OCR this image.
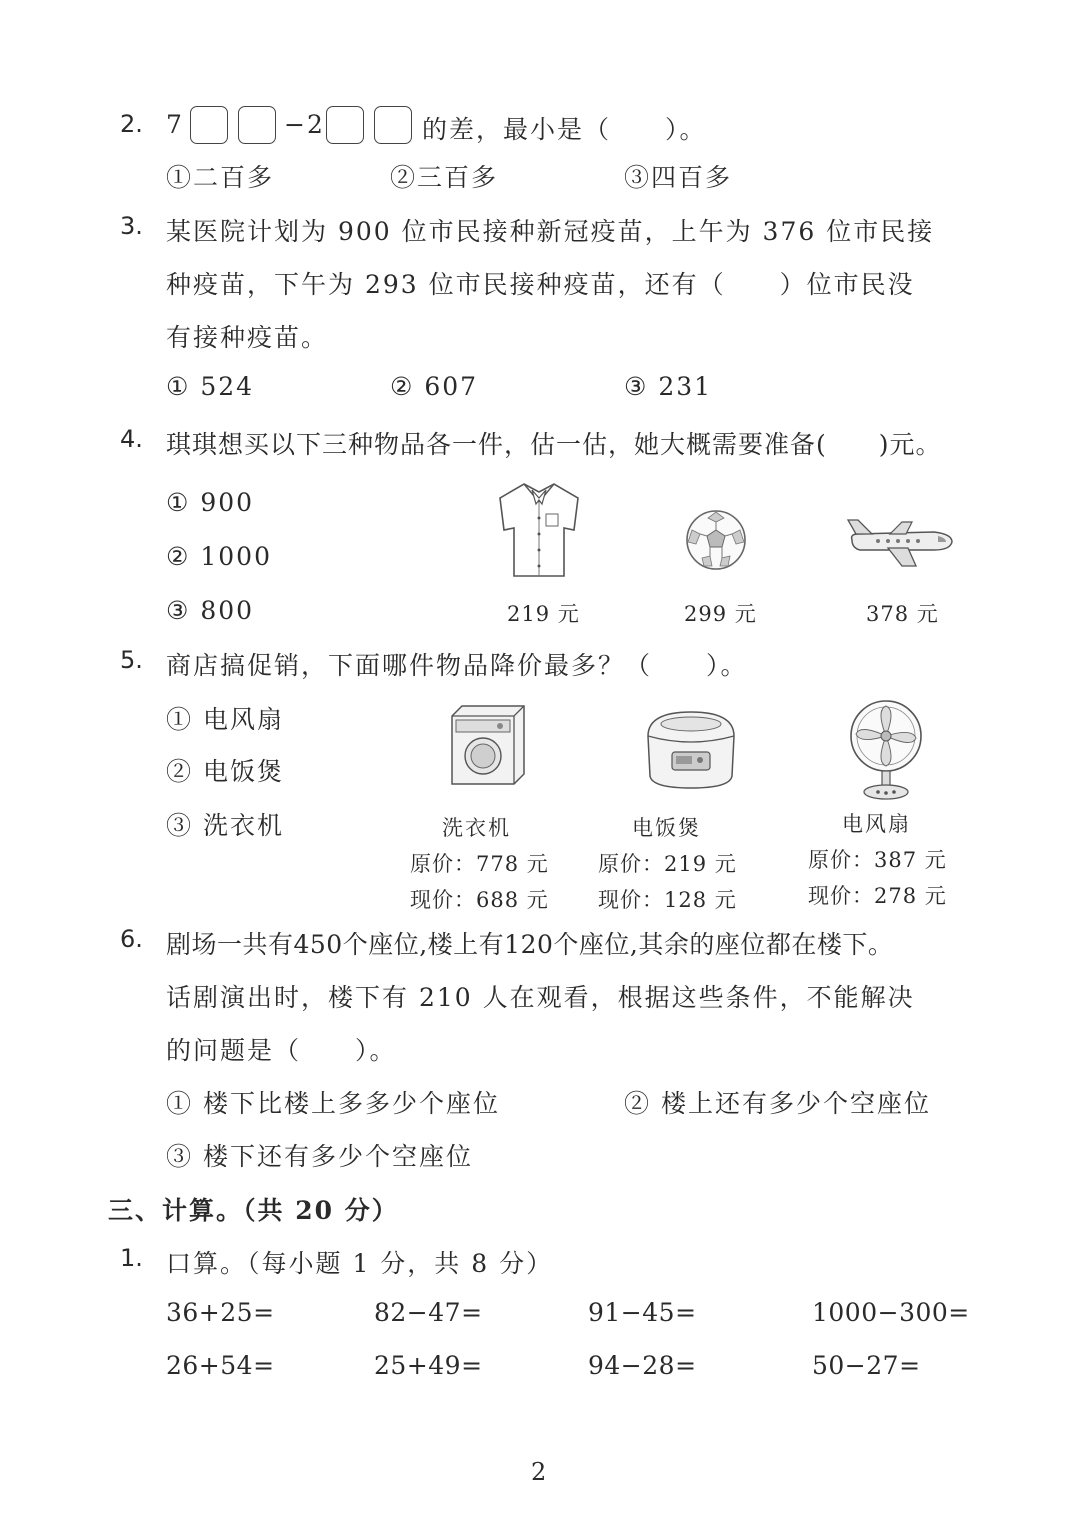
2. 7	−2	的差，最小是（　　）。
①二百多	②三百多	③四百多
3. 某医院计划为 900 位市民接种新冠疫苗，上午为 376 位市民接
种疫苗，下午为 293 位市民接种疫苗，还有（　　）位市民没
有接种疫苗。
① 524	② 607	③ 231
4. 琪琪想买以下三种物品各一件，估一估，她大概需要准备(　　)元。
① 900
② 1000
③ 800	219 元	299 元	378 元
5. 商店搞促销，下面哪件物品降价最多？（　　）。
① 电风扇
② 电饭煲
③ 洗衣机	洗衣机
原价：778 元
现价：688 元
电饭煲
原价：219 元
现价：128 元
电风扇
原价：387 元
现价：278 元
6. 剧场一共有450个座位,楼上有120个座位,其余的座位都在楼下。
话剧演出时，楼下有 210 人在观看，根据这些条件，不能解决
的问题是（　　）。
① 楼下比楼上多多少个座位	② 楼上还有多少个空座位
③ 楼下还有多少个空座位
三、计算。（共 20 分）
1. 口算。（每小题 1 分，共 8 分）
36+25=	82−47=	91−45=	1000−300=
26+54=	25+49=	94−28=	50−27=
2
